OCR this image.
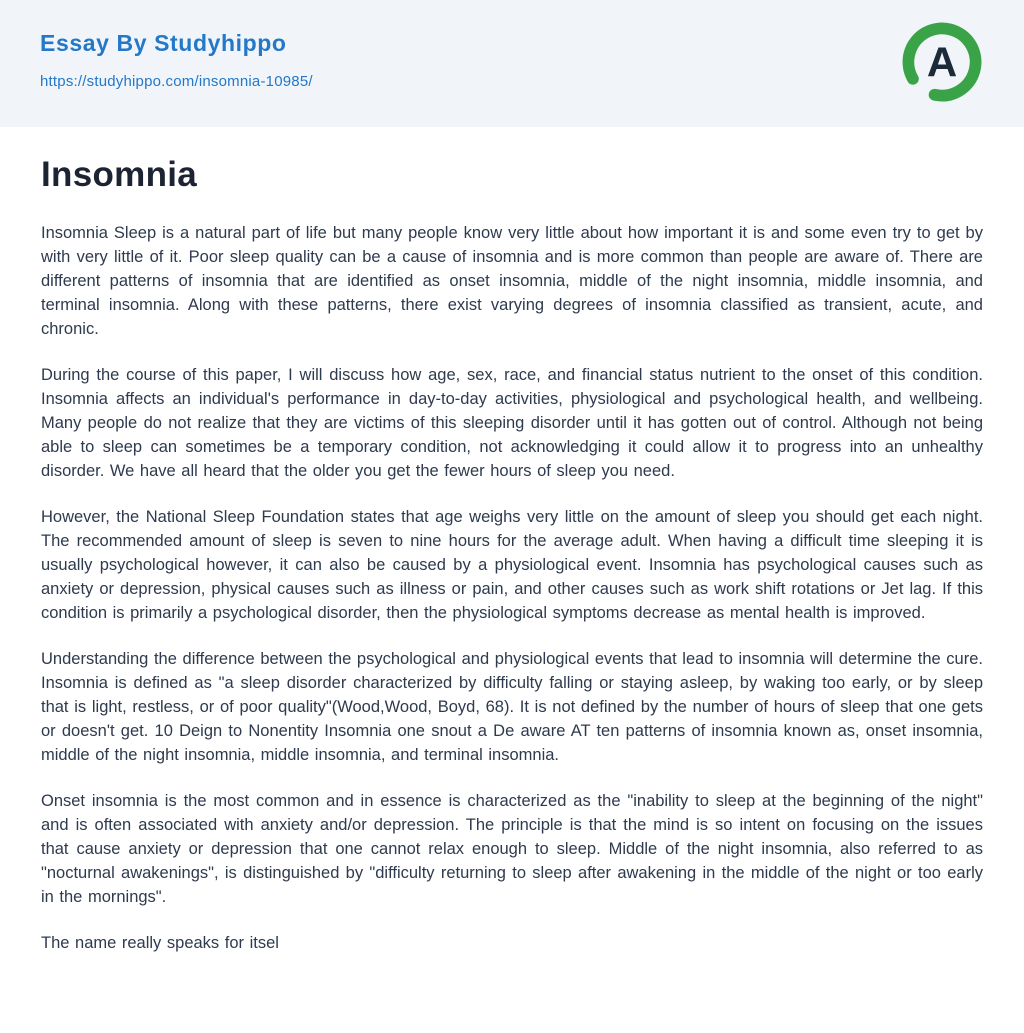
Essay By Studyhippo
https://studyhippo.com/insomnia-10985/	A
Insomnia

Insomnia Sleep is a natural part of life but many people know very little about how important it is and some even try to get by with very little of it. Poor sleep quality can be a cause of insomnia and is more common than people are aware of. There are different patterns of insomnia that are identified as onset insomnia, middle of the night insomnia, middle insomnia, and terminal insomnia. Along with these patterns, there exist varying degrees of insomnia classified as transient, acute, and chronic.

During the course of this paper, I will discuss how age, sex, race, and financial status nutrient to the onset of this condition. Insomnia affects an individual's performance in day-to-day activities, physiological and psychological health, and wellbeing. Many people do not realize that they are victims of this sleeping disorder until it has gotten out of control. Although not being able to sleep can sometimes be a temporary condition, not acknowledging it could allow it to progress into an unhealthy disorder. We have all heard that the older you get the fewer hours of sleep you need.

However, the National Sleep Foundation states that age weighs very little on the amount of sleep you should get each night. The recommended amount of sleep is seven to nine hours for the average adult. When having a difficult time sleeping it is usually psychological however, it can also be caused by a physiological event. Insomnia has psychological causes such as anxiety or depression, physical causes such as illness or pain, and other causes such as work shift rotations or Jet lag. If this condition is primarily a psychological disorder, then the physiological symptoms decrease as mental health is improved.

Understanding the difference between the psychological and physiological events that lead to insomnia will determine the cure. Insomnia is defined as "a sleep disorder characterized by difficulty falling or staying asleep, by waking too early, or by sleep that is light, restless, or of poor quality"(Wood,Wood, Boyd, 68). It is not defined by the number of hours of sleep that one gets or doesn't get. 10 Deign to Nonentity Insomnia one snout a De aware AT ten patterns of insomnia known as, onset insomnia, middle of the night insomnia, middle insomnia, and terminal insomnia.

Onset insomnia is the most common and in essence is characterized as the "inability to sleep at the beginning of the night" and is often associated with anxiety and/or depression. The principle is that the mind is so intent on focusing on the issues that cause anxiety or depression that one cannot relax enough to sleep. Middle of the night insomnia, also referred to as "nocturnal awakenings", is distinguished by "difficulty returning to sleep after awakening in the middle of the night or too early in the mornings".

The name really speaks for itsel
